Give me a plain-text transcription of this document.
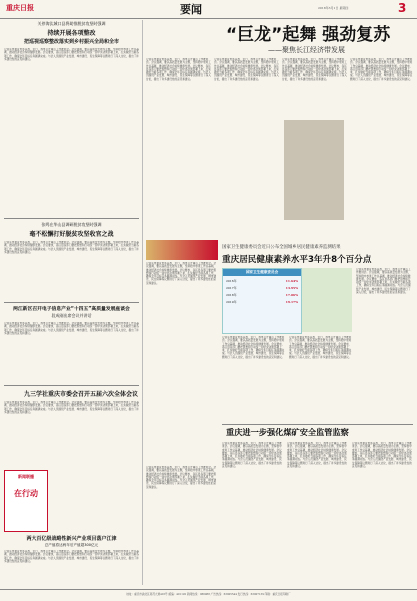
重庆日报	要闻	2018年3月1日 星期四	3
关停淘汰城口县将助推脱贫攻坚时强调
持续开展各项整改
把巡视巡察整改落实到乡村振兴全局和全市
记者从市委宣传部获悉，近日，我市召开重点工作推进会。会议强调，要以高质量发展为主题，坚持稳中求进工作总基调，推动经济社会持续健康发展。会议要求，各区县各部门要把思想和行动统一到中央决策部署上来，扎实做好当前各项工作，确保全年目标任务圆满完成。与会人员围绕产业发展、城市建设、民生保障等议题进行了深入讨论，提出了许多建设性的意见和建议。
张鸣在华山县调研脱贫攻坚时强调
毫不松懈打好脱贫攻坚收官之战
记者从市委宣传部获悉，近日，我市召开重点工作推进会。会议强调，要以高质量发展为主题，坚持稳中求进工作总基调，推动经济社会持续健康发展。会议要求，各区县各部门要把思想和行动统一到中央决策部署上来，扎实做好当前各项工作，确保全年目标任务圆满完成。与会人员围绕产业发展、城市建设、民生保障等议题进行了深入讨论，提出了许多建设性的意见和建议。
两江新区召开电子信息产业“十四五”高质量发展座谈会
段成刚出席会议并讲话
记者从市委宣传部获悉，近日，我市召开重点工作推进会。会议强调，要以高质量发展为主题，坚持稳中求进工作总基调，推动经济社会持续健康发展。会议要求，各区县各部门要把思想和行动统一到中央决策部署上来，扎实做好当前各项工作，确保全年目标任务圆满完成。与会人员围绕产业发展、城市建设、民生保障等议题进行了深入讨论，提出了许多建设性的意见和建议。
九三学社重庆市委会召开五届六次全体会议
记者从市委宣传部获悉，近日，我市召开重点工作推进会。会议强调，要以高质量发展为主题，坚持稳中求进工作总基调，推动经济社会持续健康发展。会议要求，各区县各部门要把思想和行动统一到中央决策部署上来，扎实做好当前各项工作，确保全年目标任务圆满完成。与会人员围绕产业发展、城市建设、民生保障等议题进行了深入讨论，提出了许多建设性的意见和建议。
新闻联播
在行动
两大百亿级战略性新兴产业项目落户江津
总产值将达两年后产值超300亿元
记者从市委宣传部获悉，近日，我市召开重点工作推进会。会议强调，要以高质量发展为主题，坚持稳中求进工作总基调，推动经济社会持续健康发展。会议要求，各区县各部门要把思想和行动统一到中央决策部署上来，扎实做好当前各项工作，确保全年目标任务圆满完成。与会人员围绕产业发展、城市建设、民生保障等议题进行了深入讨论，提出了许多建设性的意见和建议。
“巨龙”起舞 强劲复苏
——聚焦长江经济带发展
记者从市委宣传部获悉，近日，我市召开重点工作推进会。会议强调，要以高质量发展为主题，坚持稳中求进工作总基调，推动经济社会持续健康发展。会议要求，各区县各部门要把思想和行动统一到中央决策部署上来，扎实做好当前各项工作，确保全年目标任务圆满完成。与会人员围绕产业发展、城市建设、民生保障等议题进行了深入讨论，提出了许多建设性的意见和建议。
记者从市委宣传部获悉，近日，我市召开重点工作推进会。会议强调，要以高质量发展为主题，坚持稳中求进工作总基调，推动经济社会持续健康发展。会议要求，各区县各部门要把思想和行动统一到中央决策部署上来，扎实做好当前各项工作，确保全年目标任务圆满完成。与会人员围绕产业发展、城市建设、民生保障等议题进行了深入讨论，提出了许多建设性的意见和建议。
记者从市委宣传部获悉，近日，我市召开重点工作推进会。会议强调，要以高质量发展为主题，坚持稳中求进工作总基调，推动经济社会持续健康发展。会议要求，各区县各部门要把思想和行动统一到中央决策部署上来，扎实做好当前各项工作，确保全年目标任务圆满完成。与会人员围绕产业发展、城市建设、民生保障等议题进行了深入讨论，提出了许多建设性的意见和建议。
记者从市委宣传部获悉，近日，我市召开重点工作推进会。会议强调，要以高质量发展为主题，坚持稳中求进工作总基调，推动经济社会持续健康发展。会议要求，各区县各部门要把思想和行动统一到中央决策部署上来，扎实做好当前各项工作，确保全年目标任务圆满完成。与会人员围绕产业发展、城市建设、民生保障等议题进行了深入讨论，提出了许多建设性的意见和建议。
国家卫生健康委员会近日公布全国城乡居民健康素养监测结果
重庆居民健康素养水平3年升8个百分点
国家卫生健康委员会
2016年	11.64%
2017年	13.95%
2018年	17.06%
2019年	19.17%
记者从市委宣传部获悉，近日，我市召开重点工作推进会。会议强调，要以高质量发展为主题，坚持稳中求进工作总基调，推动经济社会持续健康发展。会议要求，各区县各部门要把思想和行动统一到中央决策部署上来，扎实做好当前各项工作，确保全年目标任务圆满完成。与会人员围绕产业发展、城市建设、民生保障等议题进行了深入讨论，提出了许多建设性的意见和建议。
记者从市委宣传部获悉，近日，我市召开重点工作推进会。会议强调，要以高质量发展为主题，坚持稳中求进工作总基调，推动经济社会持续健康发展。会议要求，各区县各部门要把思想和行动统一到中央决策部署上来，扎实做好当前各项工作，确保全年目标任务圆满完成。与会人员围绕产业发展、城市建设、民生保障等议题进行了深入讨论，提出了许多建设性的意见和建议。
记者从市委宣传部获悉，近日，我市召开重点工作推进会。会议强调，要以高质量发展为主题，坚持稳中求进工作总基调，推动经济社会持续健康发展。会议要求，各区县各部门要把思想和行动统一到中央决策部署上来，扎实做好当前各项工作，确保全年目标任务圆满完成。与会人员围绕产业发展、城市建设、民生保障等议题进行了深入讨论，提出了许多建设性的意见和建议。
记者从市委宣传部获悉，近日，我市召开重点工作推进会。会议强调，要以高质量发展为主题，坚持稳中求进工作总基调，推动经济社会持续健康发展。会议要求，各区县各部门要把思想和行动统一到中央决策部署上来，扎实做好当前各项工作，确保全年目标任务圆满完成。与会人员围绕产业发展、城市建设、民生保障等议题进行了深入讨论，提出了许多建设性的意见和建议。
重庆进一步强化煤矿安全监管监察
记者从市委宣传部获悉，近日，我市召开重点工作推进会。会议强调，要以高质量发展为主题，坚持稳中求进工作总基调，推动经济社会持续健康发展。会议要求，各区县各部门要把思想和行动统一到中央决策部署上来，扎实做好当前各项工作，确保全年目标任务圆满完成。与会人员围绕产业发展、城市建设、民生保障等议题进行了深入讨论，提出了许多建设性的意见和建议。
记者从市委宣传部获悉，近日，我市召开重点工作推进会。会议强调，要以高质量发展为主题，坚持稳中求进工作总基调，推动经济社会持续健康发展。会议要求，各区县各部门要把思想和行动统一到中央决策部署上来，扎实做好当前各项工作，确保全年目标任务圆满完成。与会人员围绕产业发展、城市建设、民生保障等议题进行了深入讨论，提出了许多建设性的意见和建议。
记者从市委宣传部获悉，近日，我市召开重点工作推进会。会议强调，要以高质量发展为主题，坚持稳中求进工作总基调，推动经济社会持续健康发展。会议要求，各区县各部门要把思想和行动统一到中央决策部署上来，扎实做好当前各项工作，确保全年目标任务圆满完成。与会人员围绕产业发展、城市建设、民生保障等议题进行了深入讨论，提出了许多建设性的意见和建议。
记者从市委宣传部获悉，近日，我市召开重点工作推进会。会议强调，要以高质量发展为主题，坚持稳中求进工作总基调，推动经济社会持续健康发展。会议要求，各区县各部门要把思想和行动统一到中央决策部署上来，扎实做好当前各项工作，确保全年目标任务圆满完成。与会人员围绕产业发展、城市建设、民生保障等议题进行了深入讨论，提出了许多建设性的意见和建议。
地址：重庆市渝北区同茂大道416号 邮编：401120 新闻热线：966988 广告热线：63905544 发行热线：63907139 印刷：重庆日报印刷厂
